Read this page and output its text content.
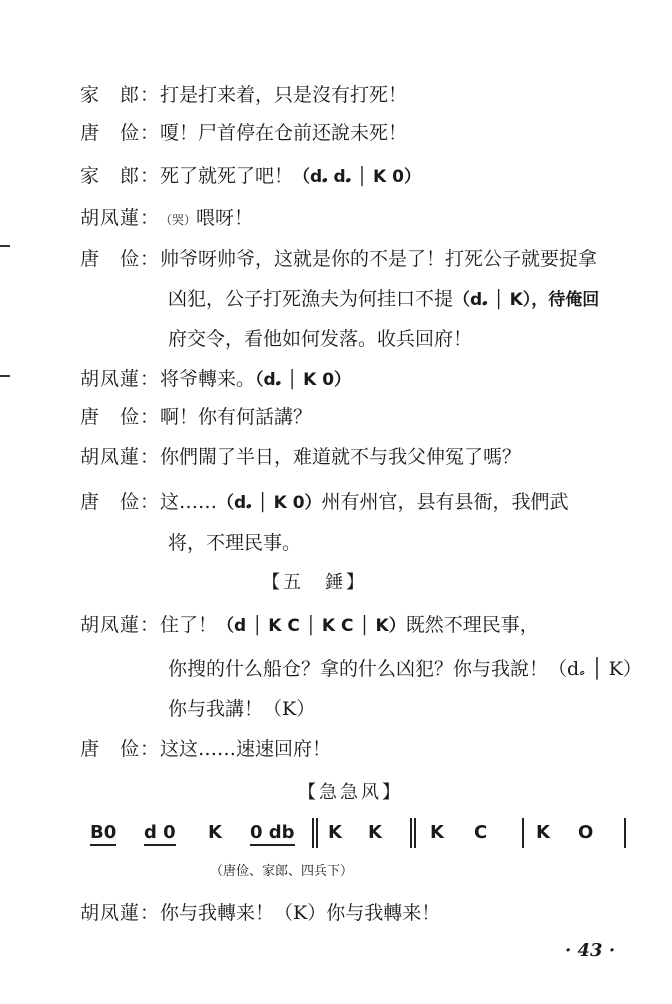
家　郎：打是打来着，只是沒有打死！
唐　俭：嗄！尸首停在仓前还說未死！
家　郎：死了就死了吧！（d𝅗 d𝅗 │ K 0）
胡凤蓮：（哭）喂呀！
唐　俭：帅爷呀帅爷，这就是你的不是了！打死公子就要捉拿
凶犯，公子打死漁夫为何挂口不提（d𝅗 │ K），待俺回
府交令，看他如何发落。收兵回府！
胡凤蓮：将爷轉来。（d𝅗 │ K 0）
唐　俭：啊！你有何話講？
胡凤蓮：你們閙了半日，难道就不与我父伸冤了嗎？
唐　俭：这……（d𝅗 │ K 0）州有州官，县有县衙，我們武
将，不理民事。
【五　錘】
胡凤蓮：住了！（d │ K C │ K C │ K）既然不理民事，
你搜的什么船仓？拿的什么凶犯？你与我說！（d𝅗 │ K）
你与我講！（K）
唐　俭：这这……速速回府！
【急急风】
B0 d 0 K 0 db K K	K C	K O
（唐俭、家郎、四兵下）
胡凤蓮：你与我轉来！（K）你与我轉来！
· 43 ·
